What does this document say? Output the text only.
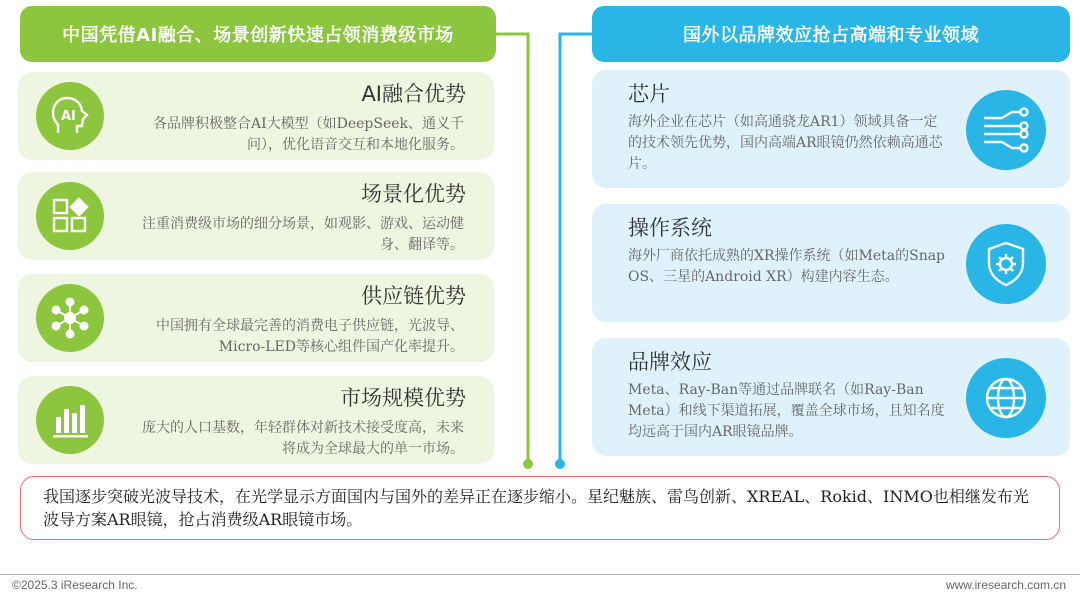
中国凭借AI融合、场景创新快速占领消费级市场	国外以品牌效应抢占高端和专业领域
AI
AI融合优势
各品牌积极整合AI大模型（如DeepSeek、通义千问），优化语音交互和本地化服务。
场景化优势
注重消费级市场的细分场景，如观影、游戏、运动健身、翻译等。
供应链优势
中国拥有全球最完善的消费电子供应链，光波导、Micro-LED等核心组件国产化率提升。
市场规模优势
庞大的人口基数，年轻群体对新技术接受度高，未来将成为全球最大的单一市场。
芯片
海外企业在芯片（如高通骁龙AR1）领域具备一定的技术领先优势，国内高端AR眼镜仍然依赖高通芯片。
操作系统
海外厂商依托成熟的XR操作系统（如Meta的Snap OS、三星的Android XR）构建内容生态。
品牌效应
Meta、Ray-Ban等通过品牌联名（如Ray-Ban Meta）和线下渠道拓展，覆盖全球市场，且知名度均远高于国内AR眼镜品牌。
我国逐步突破光波导技术，在光学显示方面国内与国外的差异正在逐步缩小。星纪魅族、雷鸟创新、XREAL、Rokid、INMO也相继发布光波导方案AR眼镜，抢占消费级AR眼镜市场。
©2025.3 iResearch Inc.	www.iresearch.com.cn
